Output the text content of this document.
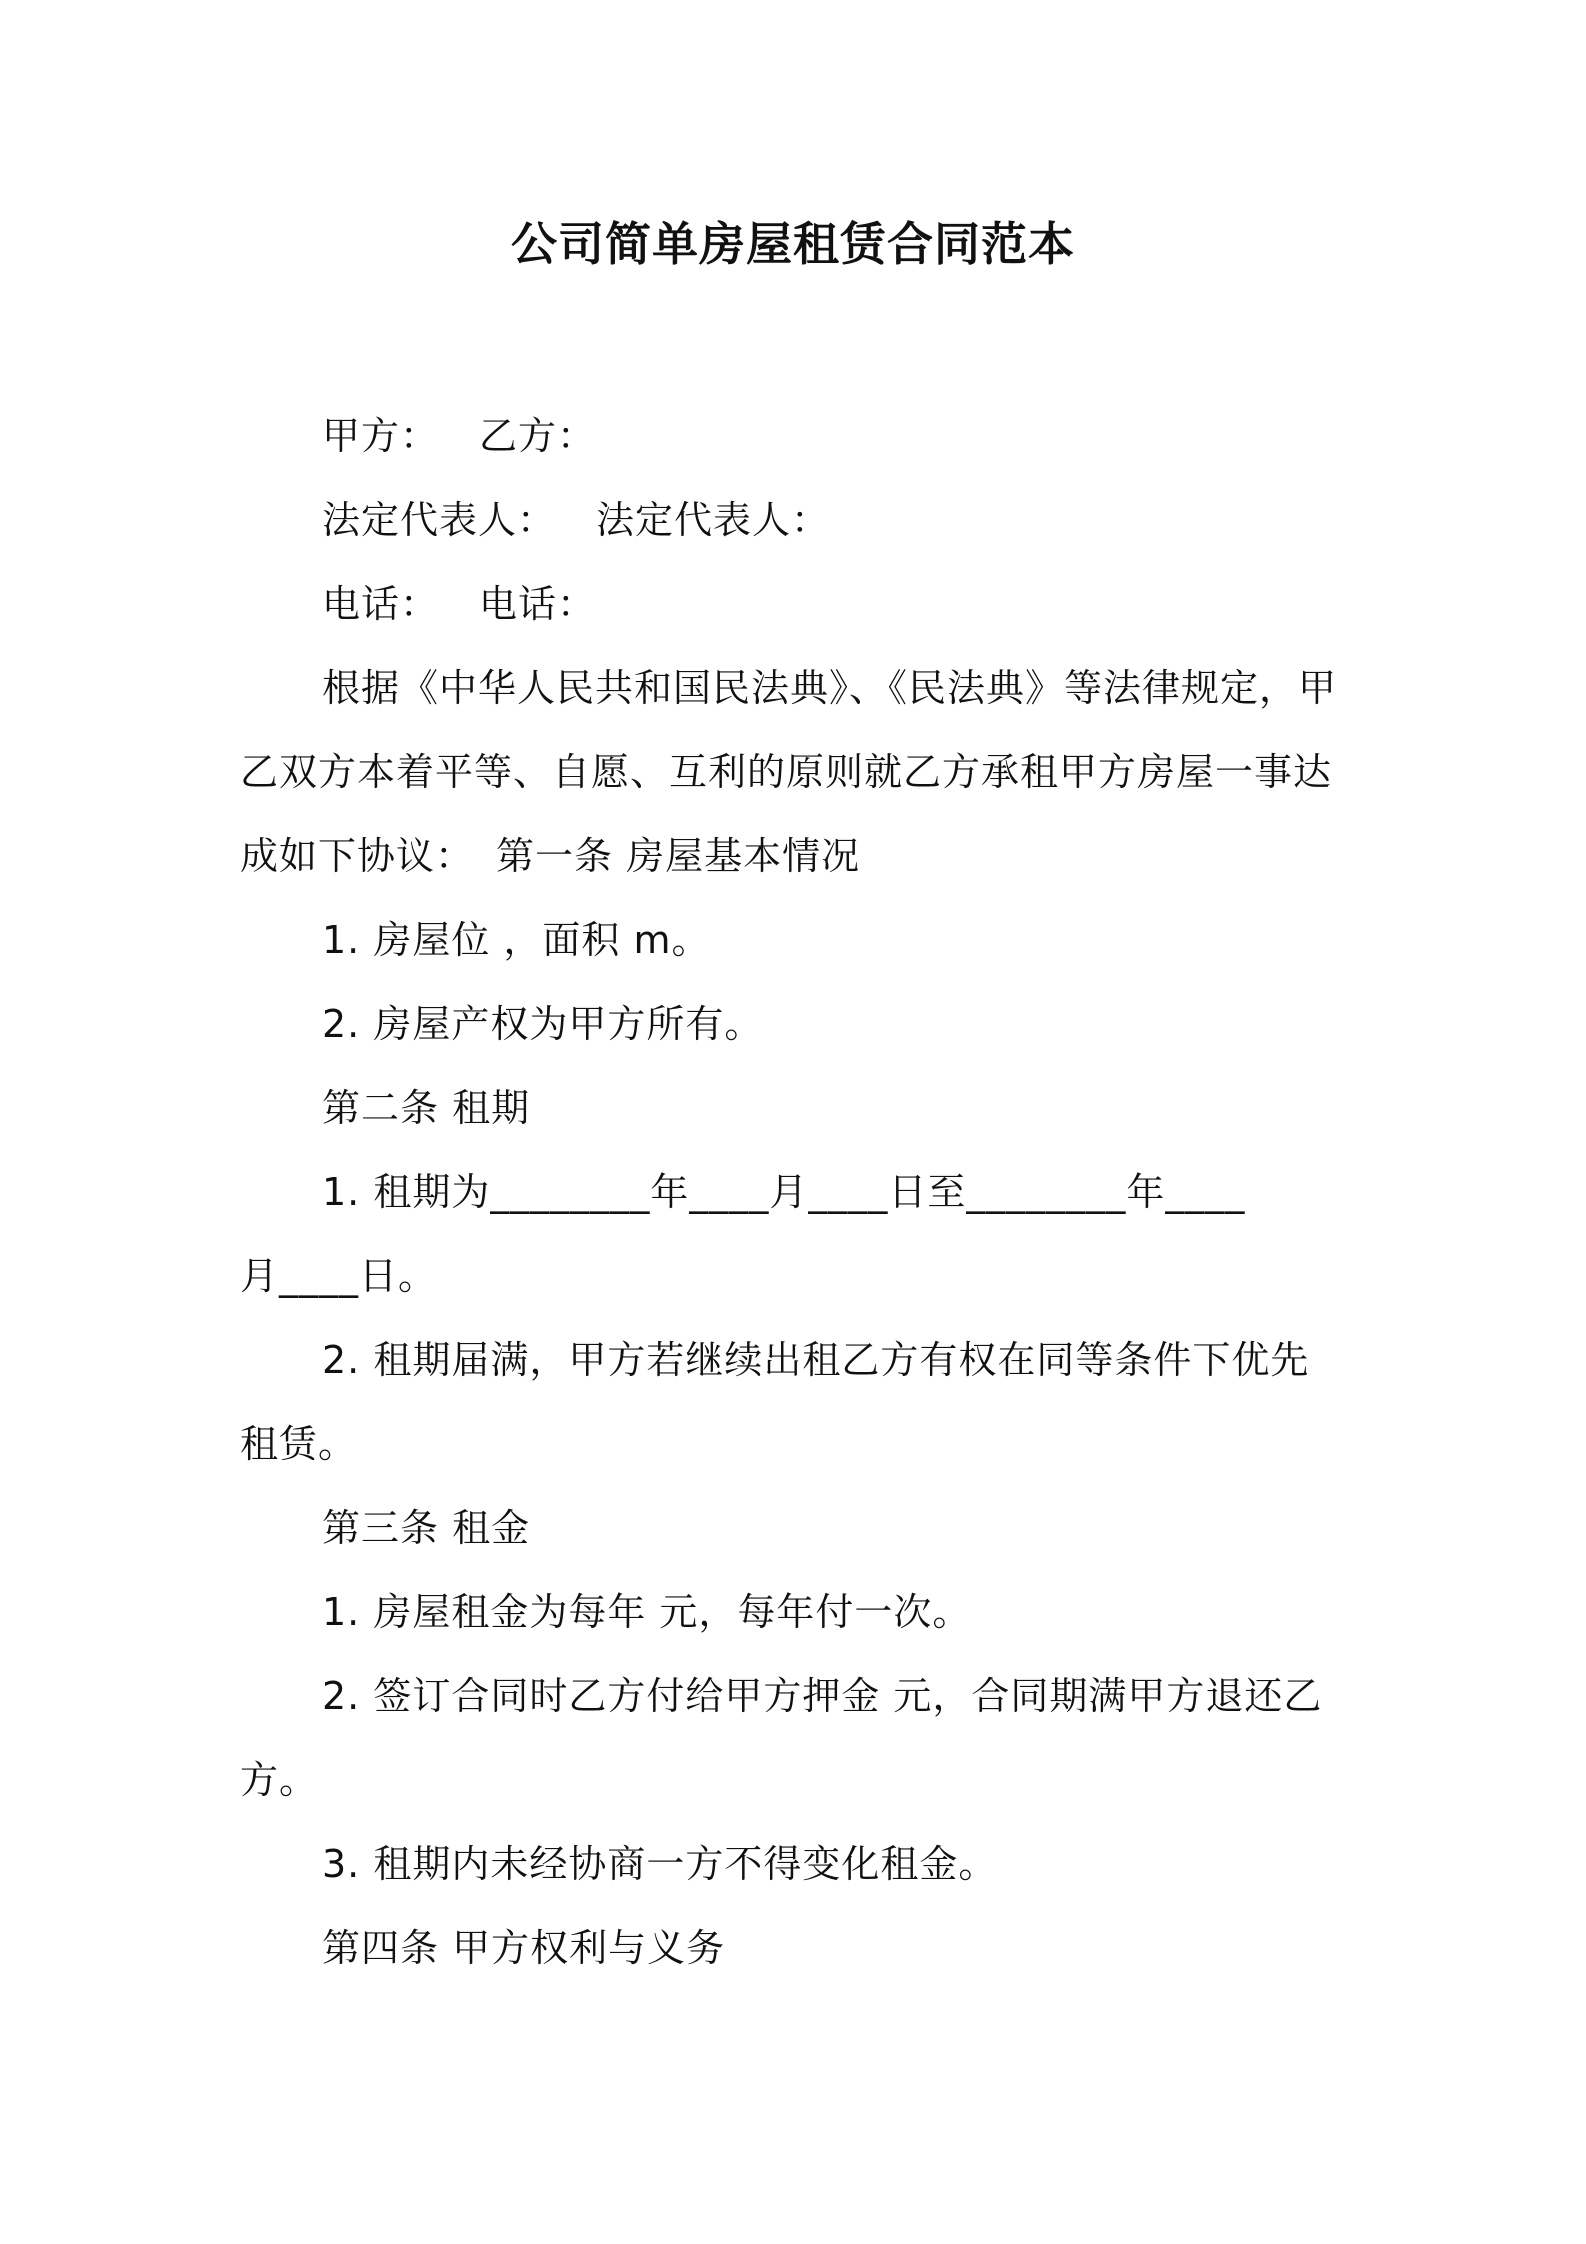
公司简单房屋租赁合同范本
甲方： 乙方：
法定代表人： 法定代表人：
电话： 电话：
根据《中华人民共和国民法典》、《民法典》等法律规定，甲
乙双方本着平等、自愿、互利的原则就乙方承租甲方房屋一事达
成如下协议： 第一条 房屋基本情况
1. 房屋位 ，面积 m。
2. 房屋产权为甲方所有。
第二条 租期
1. 租期为________年____月____日至________年____
月____日。
2. 租期届满，甲方若继续出租乙方有权在同等条件下优先
租赁。
第三条 租金
1. 房屋租金为每年 元，每年付一次。
2. 签订合同时乙方付给甲方押金 元，合同期满甲方退还乙
方。
3. 租期内未经协商一方不得变化租金。
第四条 甲方权利与义务
